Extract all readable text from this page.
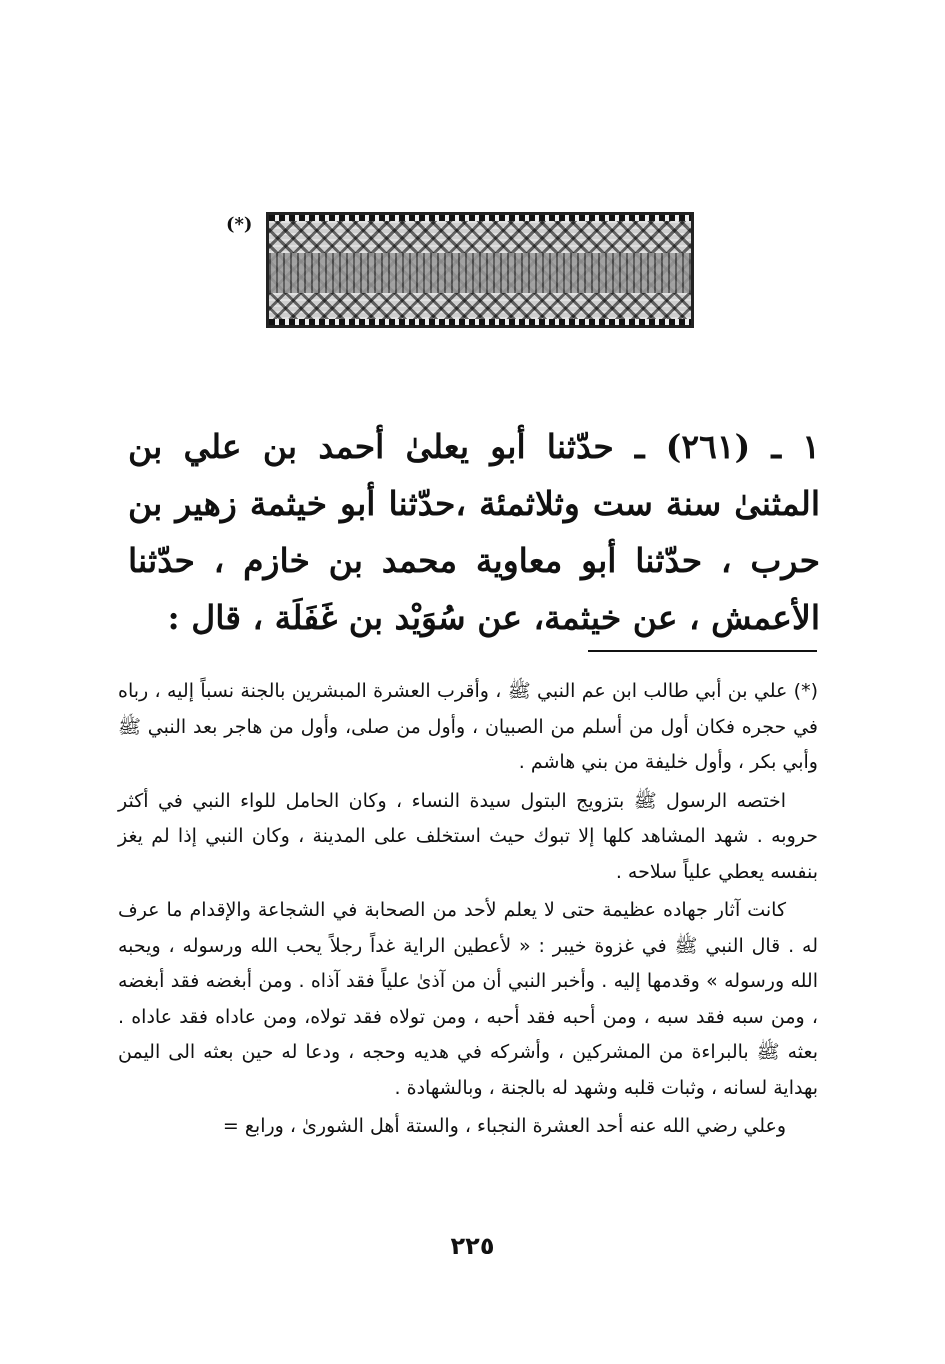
(*)
١ ـ (٢٦١) ـ حدّثنا أبو يعلىٰ أحمد بن علي بن المثنىٰ سنة ست وثلاثمئة ،حدّثنا أبو خيثمة زهير بن حرب ، حدّثنا أبو معاوية محمد بن خازم ، حدّثنا الأعمش ، عن خيثمة، عن سُوَيْد بن غَفَلَة ، قال :

(*) علي بن أبي طالب ابن عم النبي ﷺ ، وأقرب العشرة المبشرين بالجنة نسباً إليه ، رباه في حجره فكان أول من أسلم من الصبيان ، وأول من صلى، وأول من هاجر بعد النبي ﷺ وأبي بكر ، وأول خليفة من بني هاشم .

اختصه الرسول ﷺ بتزويج البتول سيدة النساء ، وكان الحامل للواء النبي في أكثر حروبه . شهد المشاهد كلها إلا تبوك حيث استخلف على المدينة ، وكان النبي إذا لم يغز بنفسه يعطي علياً سلاحه .

كانت آثار جهاده عظيمة حتى لا يعلم لأحد من الصحابة في الشجاعة والإقدام ما عرف له . قال النبي ﷺ في غزوة خيبر : « لأعطين الراية غداً رجلاً يحب الله ورسوله ، ويحبه الله ورسوله » وقدمها إليه . وأخبر النبي أن من آذىٰ علياً فقد آذاه . ومن أبغضه فقد أبغضه ، ومن سبه فقد سبه ، ومن أحبه فقد أحبه ، ومن تولاه فقد تولاه، ومن عاداه فقد عاداه . بعثه ﷺ بالبراءة من المشركين ، وأشركه في هديه وحجه ، ودعا له حين بعثه الى اليمن بهداية لسانه ، وثبات قلبه وشهد له بالجنة ، وبالشهادة .

وعلي رضي الله عنه أحد العشرة النجباء ، والستة أهل الشورىٰ ، ورابع =

٢٢٥
